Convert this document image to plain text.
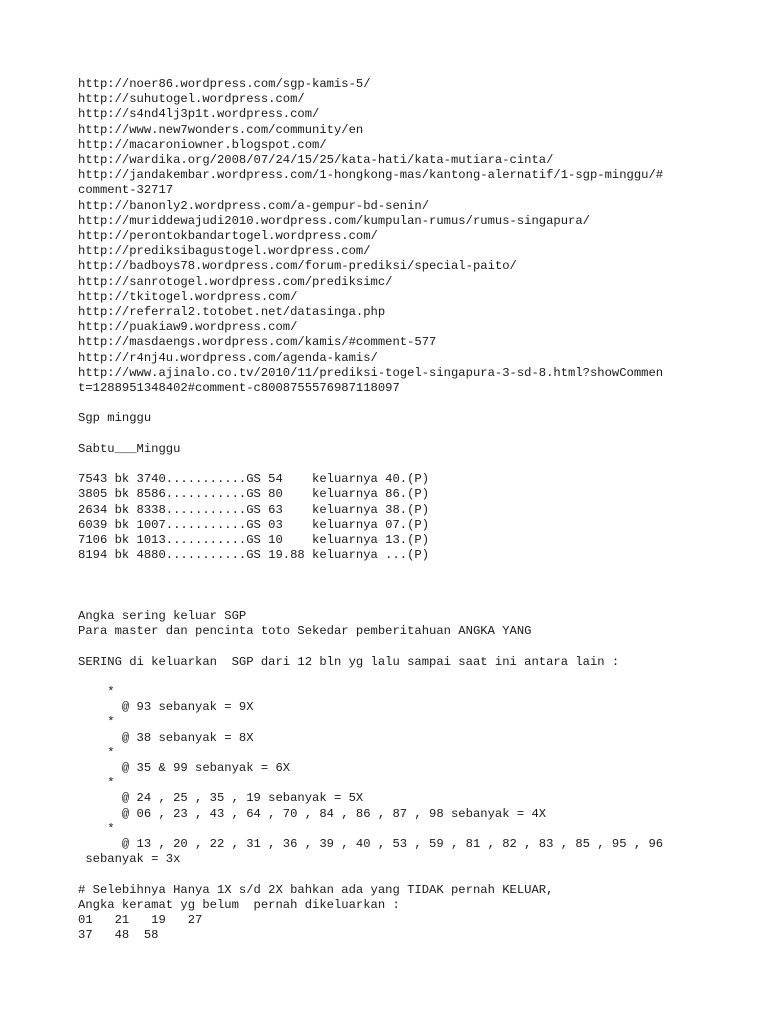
http://noer86.wordpress.com/sgp-kamis-5/
http://suhutogel.wordpress.com/
http://s4nd4lj3p1t.wordpress.com/
http://www.new7wonders.com/community/en
http://macaroniowner.blogspot.com/
http://wardika.org/2008/07/24/15/25/kata-hati/kata-mutiara-cinta/
http://jandakembar.wordpress.com/1-hongkong-mas/kantong-alernatif/1-sgp-minggu/#
comment-32717
http://banonly2.wordpress.com/a-gempur-bd-senin/
http://muriddewajudi2010.wordpress.com/kumpulan-rumus/rumus-singapura/
http://perontokbandartogel.wordpress.com/
http://prediksibagustogel.wordpress.com/
http://badboys78.wordpress.com/forum-prediksi/special-paito/
http://sanrotogel.wordpress.com/prediksimc/
http://tkitogel.wordpress.com/
http://referral2.totobet.net/datasinga.php
http://puakiaw9.wordpress.com/
http://masdaengs.wordpress.com/kamis/#comment-577
http://r4nj4u.wordpress.com/agenda-kamis/
http://www.ajinalo.co.tv/2010/11/prediksi-togel-singapura-3-sd-8.html?showCommen
t=1288951348402#comment-c8008755576987118097
Sgp minggu
Sabtu___Minggu
7543 bk 3740...........GS 54    keluarnya 40.(P)
3805 bk 8586...........GS 80    keluarnya 86.(P)
2634 bk 8338...........GS 63    keluarnya 38.(P)
6039 bk 1007...........GS 03    keluarnya 07.(P)
7106 bk 1013...........GS 10    keluarnya 13.(P)
8194 bk 4880...........GS 19.88 keluarnya ...(P)
Angka sering keluar SGP
Para master dan pencinta toto Sekedar pemberitahuan ANGKA YANG
SERING di keluarkan  SGP dari 12 bln yg lalu sampai saat ini antara lain :
*
@ 93 sebanyak = 9X
*
@ 38 sebanyak = 8X
*
@ 35 & 99 sebanyak = 6X
*
@ 24 , 25 , 35 , 19 sebanyak = 5X
@ 06 , 23 , 43 , 64 , 70 , 84 , 86 , 87 , 98 sebanyak = 4X
*
@ 13 , 20 , 22 , 31 , 36 , 39 , 40 , 53 , 59 , 81 , 82 , 83 , 85 , 95 , 96
sebanyak = 3x
# Selebihnya Hanya 1X s/d 2X bahkan ada yang TIDAK pernah KELUAR,
Angka keramat yg belum  pernah dikeluarkan :
01   21   19   27
37   48  58
